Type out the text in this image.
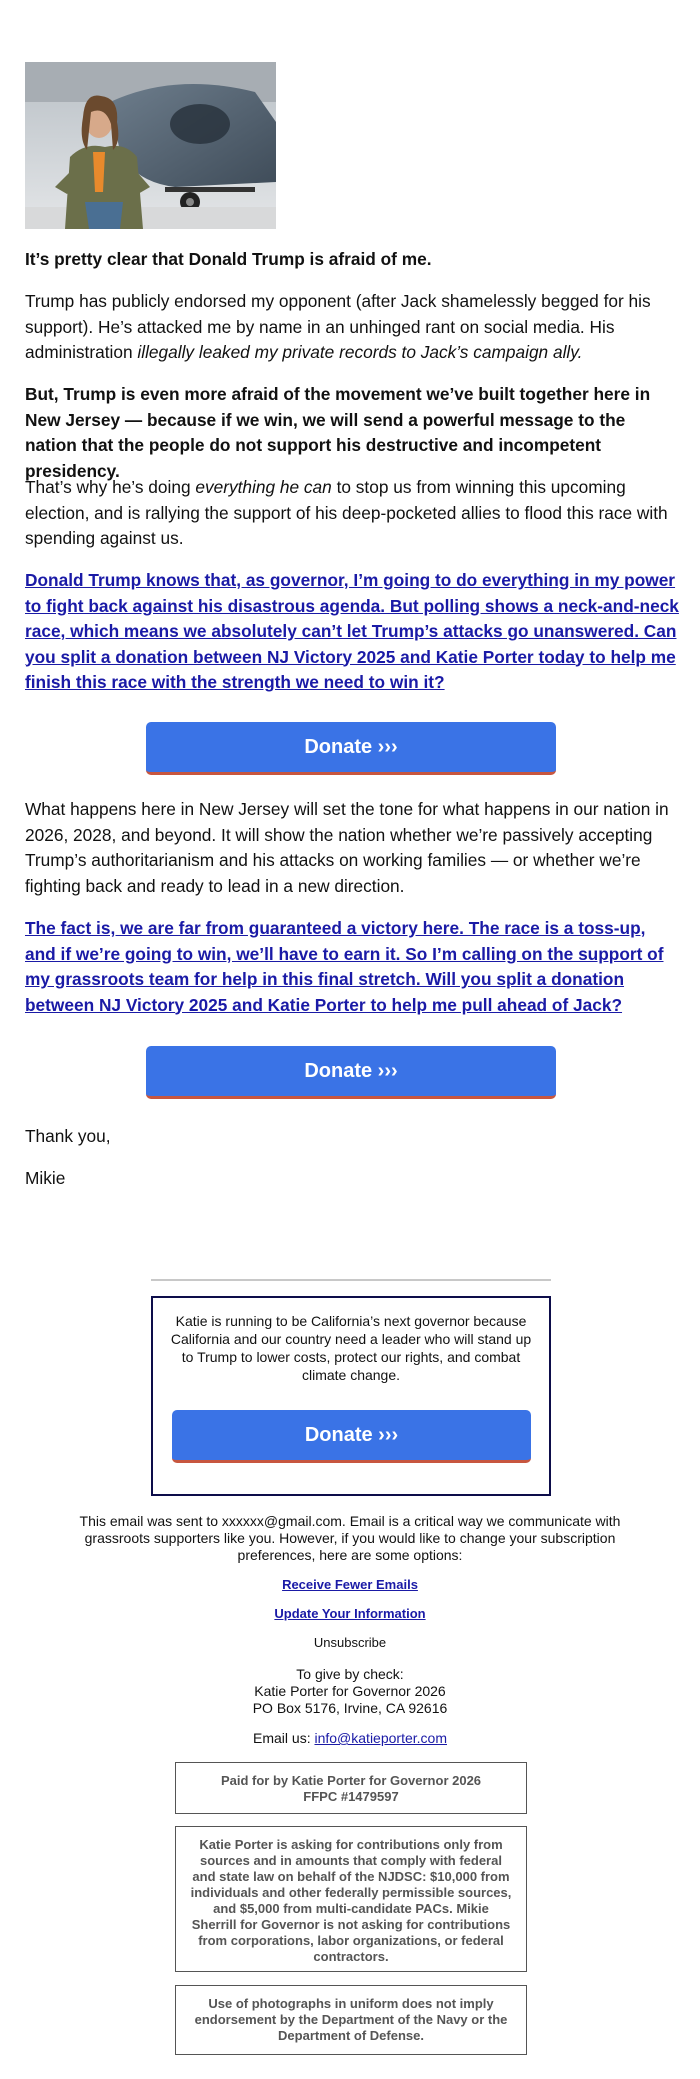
It’s pretty clear that Donald Trump is afraid of me.

Trump has publicly endorsed my opponent (after Jack shamelessly begged for his support). He’s attacked me by name in an unhinged rant on social media. His administration illegally leaked my private records to Jack’s campaign ally.

But, Trump is even more afraid of the movement we’ve built together here in New Jersey — because if we win, we will send a powerful message to the nation that the people do not support his destructive and incompetent presidency.

That’s why he’s doing everything he can to stop us from winning this upcoming election, and is rallying the support of his deep-pocketed allies to flood this race with spending against us.

Donald Trump knows that, as governor, I’m going to do everything in my power to fight back against his disastrous agenda. But polling shows a neck-and-neck race, which means we absolutely can’t let Trump’s attacks go unanswered. Can you split a donation between NJ Victory 2025 and Katie Porter today to help me finish this race with the strength we need to win it?

Donate ›››

What happens here in New Jersey will set the tone for what happens in our nation in 2026, 2028, and beyond. It will show the nation whether we’re passively accepting Trump’s authoritarianism and his attacks on working families — or whether we’re fighting back and ready to lead in a new direction.

The fact is, we are far from guaranteed a victory here. The race is a toss-up, and if we’re going to win, we’ll have to earn it. So I’m calling on the support of my grassroots team for help in this final stretch. Will you split a donation between NJ Victory 2025 and Katie Porter to help me pull ahead of Jack?

Donate ›››

Thank you,

Mikie

Katie is running to be California’s next governor because California and our country need a leader who will stand up to Trump to lower costs, protect our rights, and combat climate change.
Donate ›››
This email was sent to xxxxxx@gmail.com. Email is a critical way we communicate with grassroots supporters like you. However, if you would like to change your subscription preferences, here are some options:
Receive Fewer Emails
Update Your Information
Unsubscribe
To give by check:
Katie Porter for Governor 2026
PO Box 5176, Irvine, CA 92616
Email us: info@katieporter.com
Paid for by Katie Porter for Governor 2026
FFPC #1479597
Katie Porter is asking for contributions only from sources and in amounts that comply with federal and state law on behalf of the NJDSC: $10,000 from individuals and other federally permissible sources, and $5,000 from multi-candidate PACs. Mikie Sherrill for Governor is not asking for contributions from corporations, labor organizations, or federal contractors.
Use of photographs in uniform does not imply endorsement by the Department of the Navy or the Department of Defense.
